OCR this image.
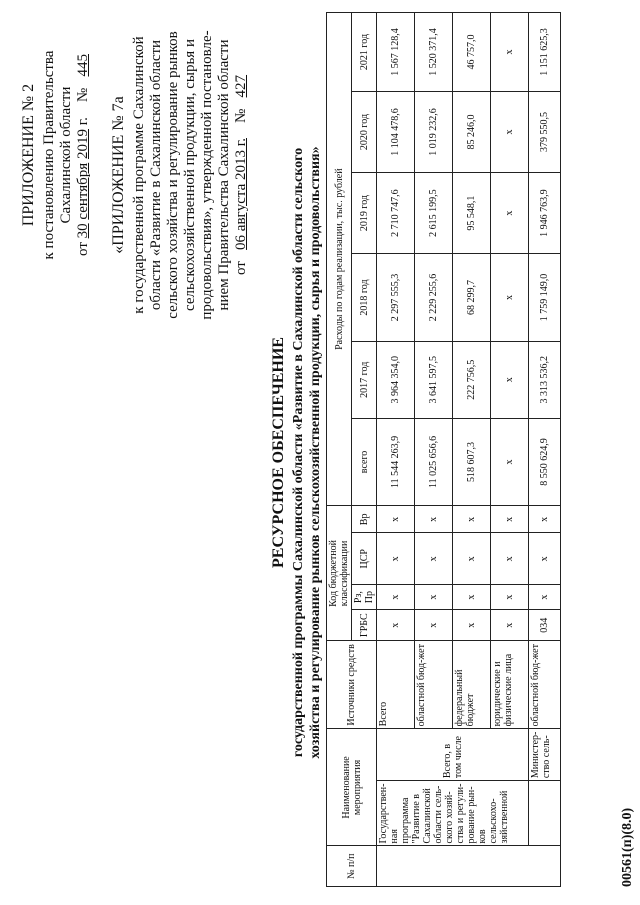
ПРИЛОЖЕНИЕ № 2 к постановлению Правительства Сахалинской области
от 30 сентября 2019 г.    №   445
«ПРИЛОЖЕНИЕ № 7а к государственной программе Сахалинской области «Развитие в Сахалинской области сельского хозяйства и регулирование рынков сельскохозяйственной продукции, сырья и продовольствия», утвержденной постановле- нием Правительства Сахалинской области от   06 августа 2013 г.    №   427
РЕСУРСНОЕ ОБЕСПЕЧЕНИЕ государственной программы Сахалинской области «Развитие в Сахалинской области сельского хозяйства и регулирование рынков сельскохозяйственной продукции, сырья и продовольствия»
№ п/п	Наименование мероприятия		Источники средств	Код бюджетной классификации				Расходы по годам реализации, тыс. рублей					
				ГРБС	Рз, Пр	ЦСР	Вр	всего	2017 год	2018 год	2019 год	2020 год	2021 год
	Государствен-ная программа "Развитие в Сахалинской области сель-ского хозяй-ства и регули-рование рын-ков сельскохо-зяйственной	Всего, в том числе	Всего	х	х	х	х	11 544 263,9	3 964 354,0	2 297 555,3	2 710 747,6	1 104 478,6	1 567 128,4
			областной бюд-жет	х	х	х	х	11 025 656,6	3 641 597,5	2 229 255,6	2 615 199,5	1 019 232,6	1 520 371,4
			федеральный бюджет	х	х	х	х	518 607,3	222 756,5	68 299,7	95 548,1	85 246,0	46 757,0
			юридические и физические лица	х	х	х	х	х	х	х	х	х	х
		Министер-ство сель-	областной бюд-жет	034	х	х	х	8 550 624,9	3 313 536,2	1 759 149,0	1 946 763,9	379 550,5	1 151 625,3
00561(п)(8.0)
